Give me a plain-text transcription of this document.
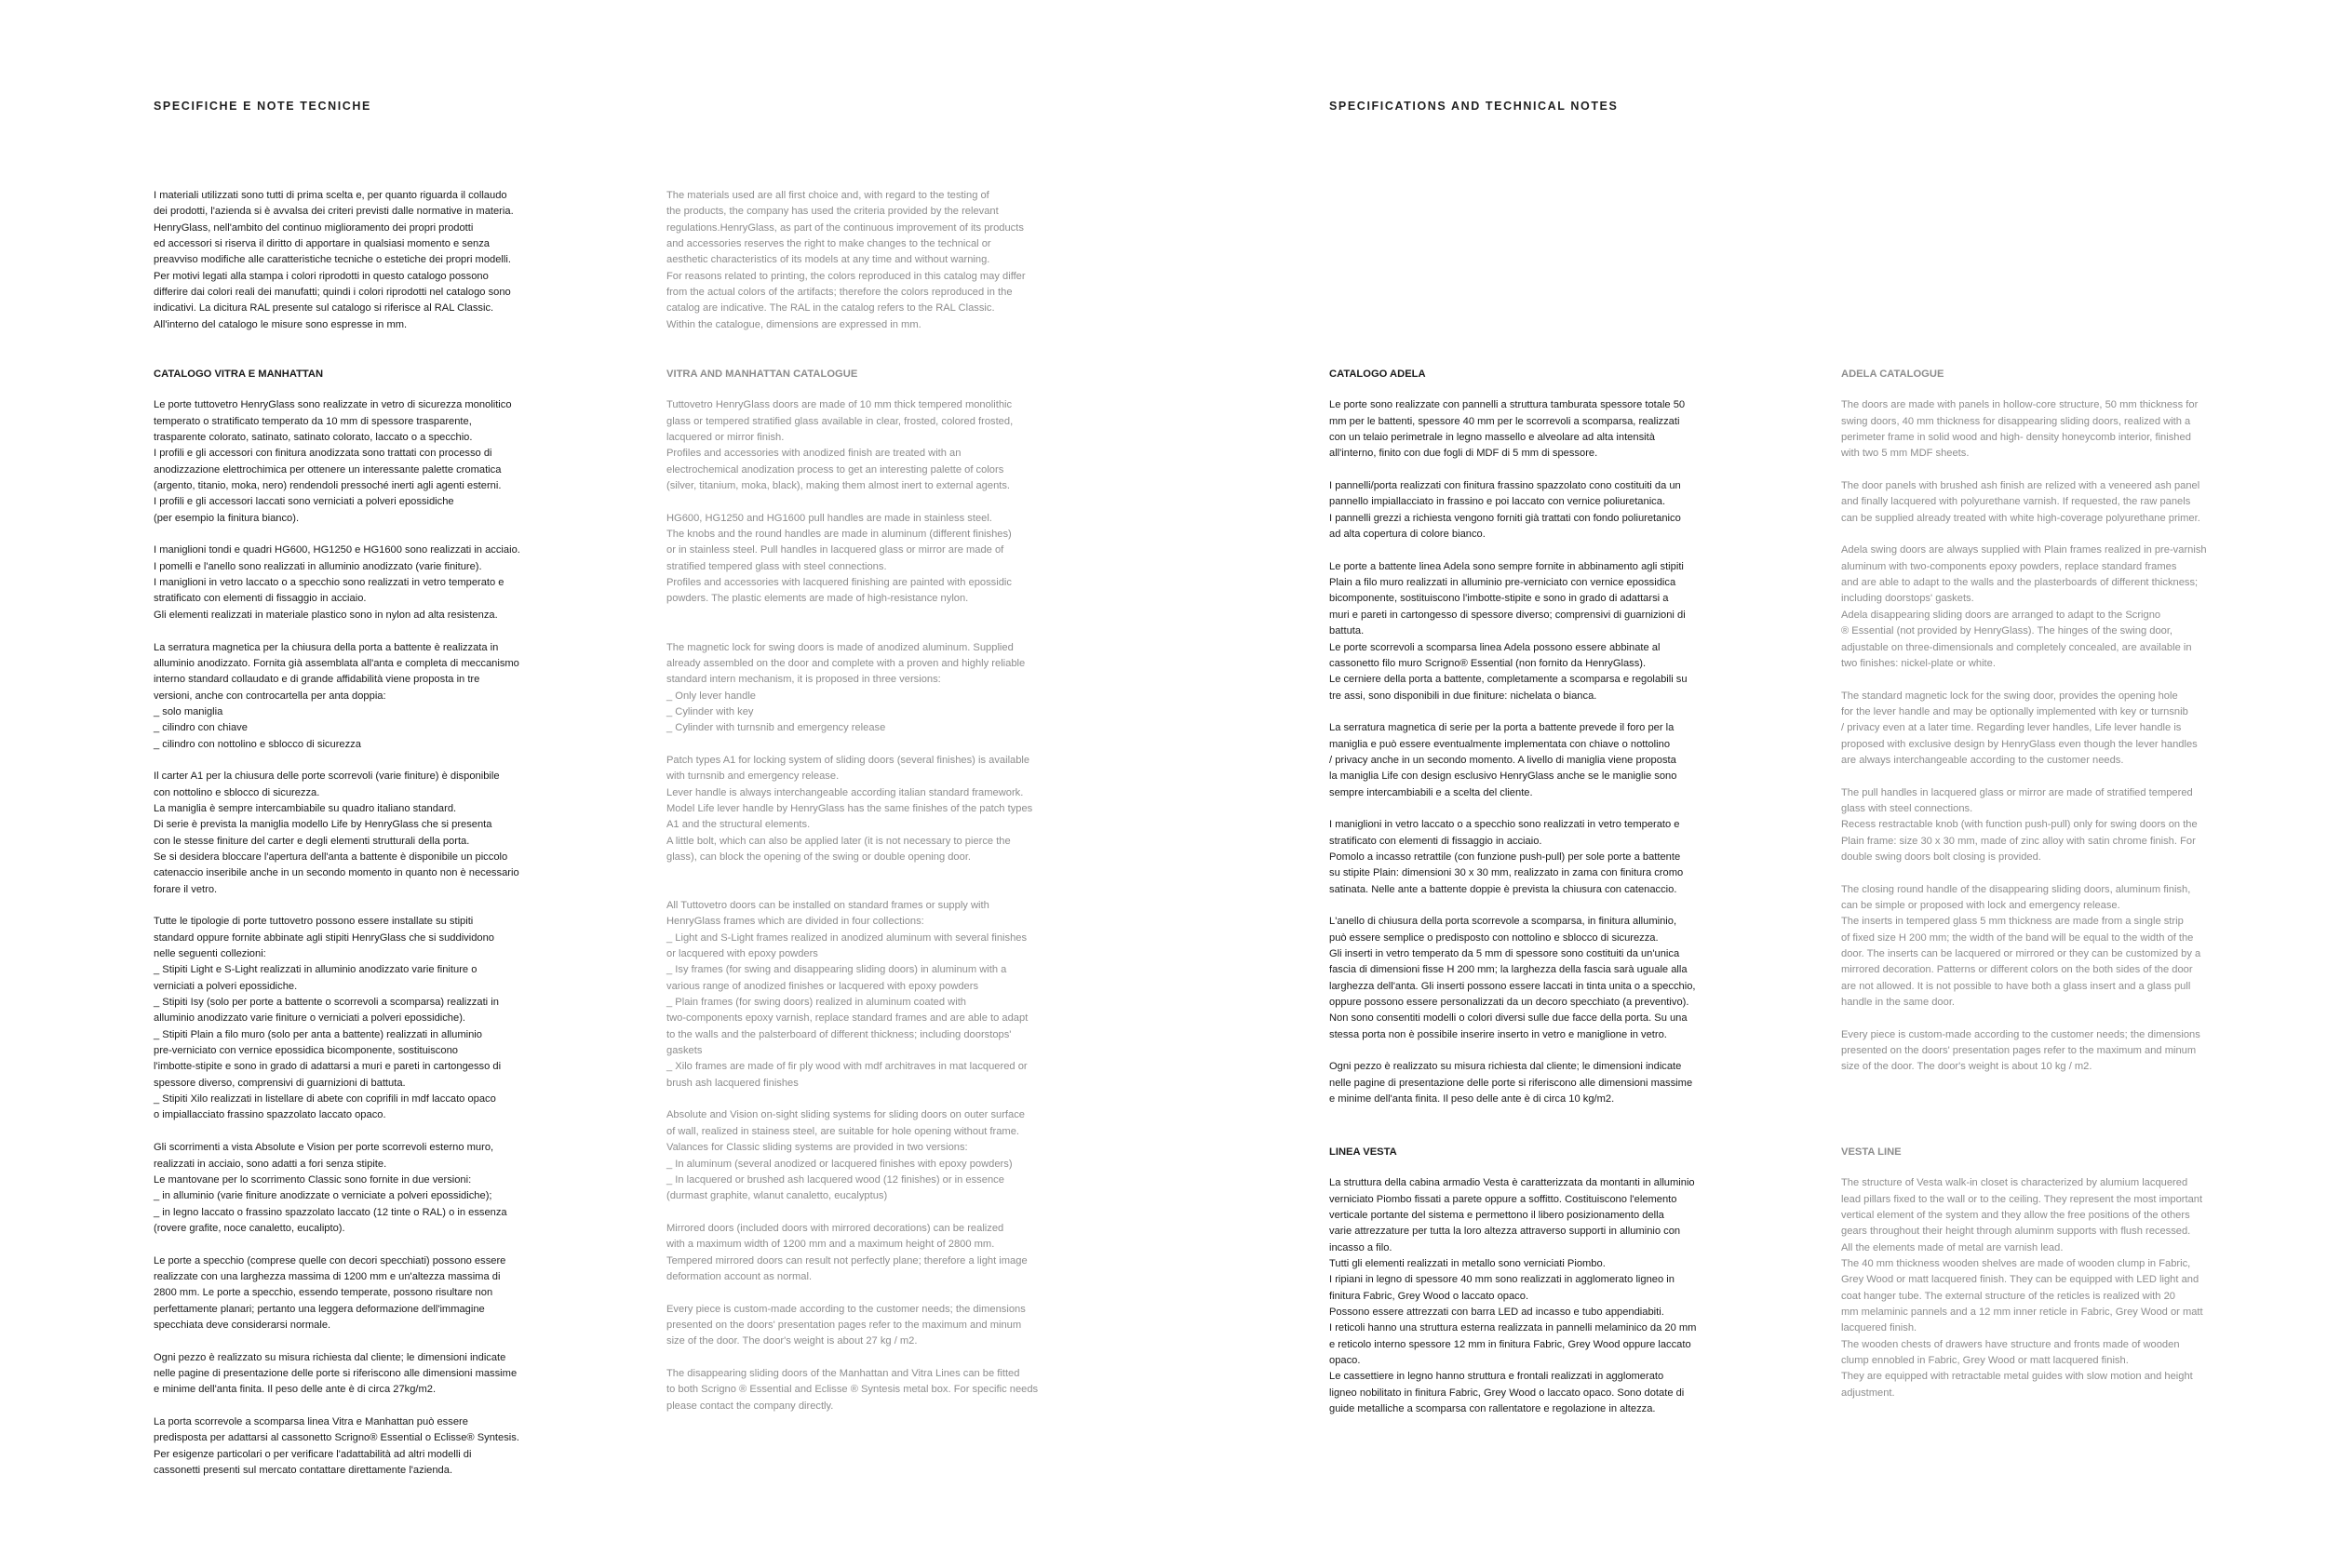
SPECIFICHE E NOTE TECNICHE	SPECIFICATIONS AND TECHNICAL NOTES

I materiali utilizzati sono tutti di prima scelta e, per quanto riguarda il collaudo
dei prodotti, l'azienda si è avvalsa dei criteri previsti dalle normative in materia.
HenryGlass, nell'ambito del continuo miglioramento dei propri prodotti
ed accessori si riserva il diritto di apportare in qualsiasi momento e senza
preavviso modifiche alle caratteristiche tecniche o estetiche dei propri modelli.
Per motivi legati alla stampa i colori riprodotti in questo catalogo possono
differire dai colori reali dei manufatti; quindi i colori riprodotti nel catalogo sono
indicativi. La dicitura RAL presente sul catalogo si riferisce al RAL Classic.
All'interno del catalogo le misure sono espresse in mm.

CATALOGO VITRA E MANHATTAN

Le porte tuttovetro HenryGlass sono realizzate in vetro di sicurezza monolitico
temperato o stratificato temperato da 10 mm di spessore trasparente,
trasparente colorato, satinato, satinato colorato, laccato o a specchio.
I profili e gli accessori con finitura anodizzata sono trattati con processo di
anodizzazione elettrochimica per ottenere un interessante palette cromatica
(argento, titanio, moka, nero) rendendoli pressoché inerti agli agenti esterni.
I profili e gli accessori laccati sono verniciati a polveri epossidiche
(per esempio la finitura bianco).

I maniglioni tondi e quadri HG600, HG1250 e HG1600 sono realizzati in acciaio.
I pomelli e l'anello sono realizzati in alluminio anodizzato (varie finiture).
I maniglioni in vetro laccato o a specchio sono realizzati in vetro temperato e
stratificato con elementi di fissaggio in acciaio.
Gli elementi realizzati in materiale plastico sono in nylon ad alta resistenza.

La serratura magnetica per la chiusura della porta a battente è realizzata in
alluminio anodizzato. Fornita già assemblata all'anta e completa di meccanismo
interno standard collaudato e di grande affidabilità viene proposta in tre
versioni, anche con controcartella per anta doppia:
_ solo maniglia
_ cilindro con chiave
_ cilindro con nottolino e sblocco di sicurezza

Il carter A1 per la chiusura delle porte scorrevoli (varie finiture) è disponibile
con nottolino e sblocco di sicurezza.
La maniglia è sempre intercambiabile su quadro italiano standard.
Di serie è prevista la maniglia modello Life by HenryGlass che si presenta
con le stesse finiture del carter e degli elementi strutturali della porta.
Se si desidera bloccare l'apertura dell'anta a battente è disponibile un piccolo
catenaccio inseribile anche in un secondo momento in quanto non è necessario
forare il vetro.

Tutte le tipologie di porte tuttovetro possono essere installate su stipiti
standard oppure fornite abbinate agli stipiti HenryGlass che si suddividono
nelle seguenti collezioni:
_ Stipiti Light e S-Light realizzati in alluminio anodizzato varie finiture o
verniciati a polveri epossidiche.
_ Stipiti Isy (solo per porte a battente o scorrevoli a scomparsa) realizzati in
alluminio anodizzato varie finiture o verniciati a polveri epossidiche).
_ Stipiti Plain a filo muro (solo per anta a battente) realizzati in alluminio
pre-verniciato con vernice epossidica bicomponente, sostituiscono
l'imbotte-stipite e sono in grado di adattarsi a muri e pareti in cartongesso di
spessore diverso, comprensivi di guarnizioni di battuta.
_ Stipiti Xilo realizzati in listellare di abete con coprifili in mdf laccato opaco
o impiallacciato frassino spazzolato laccato opaco.

Gli scorrimenti a vista Absolute e Vision per porte scorrevoli esterno muro,
realizzati in acciaio, sono adatti a fori senza stipite.
Le mantovane per lo scorrimento Classic sono fornite in due versioni:
_ in alluminio (varie finiture anodizzate o verniciate a polveri epossidiche);
_ in legno laccato o frassino spazzolato laccato (12 tinte o RAL) o in essenza
(rovere grafite, noce canaletto, eucalipto).

Le porte a specchio (comprese quelle con decori specchiati) possono essere
realizzate con una larghezza massima di 1200 mm e un'altezza massima di
2800 mm. Le porte a specchio, essendo temperate, possono risultare non
perfettamente planari; pertanto una leggera deformazione dell'immagine
specchiata deve considerarsi normale.

Ogni pezzo è realizzato su misura richiesta dal cliente; le dimensioni indicate
nelle pagine di presentazione delle porte si riferiscono alle dimensioni massime
e minime dell'anta finita. Il peso delle ante è di circa 27kg/m2.

La porta scorrevole a scomparsa linea Vitra e Manhattan può essere
predisposta per adattarsi al cassonetto Scrigno® Essential o Eclisse® Syntesis.
Per esigenze particolari o per verificare l'adattabilità ad altri modelli di
cassonetti presenti sul mercato contattare direttamente l'azienda.

The materials used are all first choice and, with regard to the testing of
the products, the company has used the criteria provided by the relevant
regulations.HenryGlass, as part of the continuous improvement of its products
and accessories reserves the right to make changes to the technical or
aesthetic characteristics of its models at any time and without warning.
For reasons related to printing, the colors reproduced in this catalog may differ
from the actual colors of the artifacts; therefore the colors reproduced in the
catalog are indicative. The RAL in the catalog refers to the RAL Classic.
Within the catalogue, dimensions are expressed in mm.

VITRA AND MANHATTAN CATALOGUE

Tuttovetro HenryGlass doors are made of 10 mm thick tempered monolithic
glass or tempered stratified glass available in clear, frosted, colored frosted,
lacquered or mirror finish.
Profiles and accessories with anodized finish are treated with an
electrochemical anodization process to get an interesting palette of colors
(silver, titanium, moka, black), making them almost inert to external agents.

HG600, HG1250 and HG1600 pull handles are made in stainless steel.
The knobs and the round handles are made in aluminum (different finishes)
or in stainless steel. Pull handles in lacquered glass or mirror are made of
stratified tempered glass with steel connections.
Profiles and accessories with lacquered finishing are painted with epossidic
powders. The plastic elements are made of high-resistance nylon.

The magnetic lock for swing doors is made of anodized aluminum. Supplied
already assembled on the door and complete with a proven and highly reliable
standard intern mechanism, it is proposed in three versions:
_ Only lever handle
_ Cylinder with key
_ Cylinder with turnsnib and emergency release

Patch types A1 for locking system of sliding doors (several finishes) is available
with turnsnib and emergency release.
Lever handle is always interchangeable according italian standard framework.
Model Life lever handle by HenryGlass has the same finishes of the patch types
A1 and the structural elements.
A little bolt, which can also be applied later (it is not necessary to pierce the
glass), can block the opening of the swing or double opening door.

All Tuttovetro doors can be installed on standard frames or supply with
HenryGlass frames which are divided in four collections:
_ Light and S-Light frames realized in anodized aluminum with several finishes
or lacquered with epoxy powders
_ Isy frames (for swing and disappearing sliding doors) in aluminum with a
various range of anodized finishes or lacquered with epoxy powders
_ Plain frames (for swing doors) realized in aluminum coated with
two-components epoxy varnish, replace standard frames and are able to adapt
to the walls and the palsterboard of different thickness; including doorstops'
gaskets
_ Xilo frames are made of fir ply wood with mdf architraves in mat lacquered or
brush ash lacquered finishes

Absolute and Vision on-sight sliding systems for sliding doors on outer surface
of wall, realized in stainess steel, are suitable for hole opening without frame.
Valances for Classic sliding systems are provided in two versions:
_ In aluminum (several anodized or lacquered finishes with epoxy powders)
_ In lacquered or brushed ash lacquered wood (12 finishes) or in essence
(durmast graphite, wlanut canaletto, eucalyptus)

Mirrored doors (included doors with mirrored decorations) can be realized
with a maximum width of 1200 mm and a maximum height of 2800 mm.
Tempered mirrored doors can result not perfectly plane; therefore a light image
deformation account as normal.

Every piece is custom-made according to the customer needs; the dimensions
presented on the doors' presentation pages refer to the maximum and minum
size of the door. The door's weight is about 27 kg / m2.

The disappearing sliding doors of the Manhattan and Vitra Lines can be fitted
to both Scrigno ® Essential and Eclisse ® Syntesis metal box. For specific needs
please contact the company directly.

CATALOGO ADELA

Le porte sono realizzate con pannelli a struttura tamburata spessore totale 50
mm per le battenti, spessore 40 mm per le scorrevoli a scomparsa, realizzati
con un telaio perimetrale in legno massello e alveolare ad alta intensità
all'interno, finito con due fogli di MDF di 5 mm di spessore.

I pannelli/porta realizzati con finitura frassino spazzolato cono costituiti da un
pannello impiallacciato in frassino e poi laccato con vernice poliuretanica.
I pannelli grezzi a richiesta vengono forniti già trattati con fondo poliuretanico
ad alta copertura di colore bianco.

Le porte a battente linea Adela sono sempre fornite in abbinamento agli stipiti
Plain a filo muro realizzati in alluminio pre-verniciato con vernice epossidica
bicomponente, sostituiscono l'imbotte-stipite e sono in grado di adattarsi a
muri e pareti in cartongesso di spessore diverso; comprensivi di guarnizioni di
battuta.
Le porte scorrevoli a scomparsa linea Adela possono essere abbinate al
cassonetto filo muro Scrigno® Essential (non fornito da HenryGlass).
Le cerniere della porta a battente, completamente a scomparsa e regolabili su
tre assi, sono disponibili in due finiture: nichelata o bianca.

La serratura magnetica di serie per la porta a battente prevede il foro per la
maniglia e può essere eventualmente implementata con chiave o nottolino
/ privacy anche in un secondo momento. A livello di maniglia viene proposta
la maniglia Life con design esclusivo HenryGlass anche se le maniglie sono
sempre intercambiabili e a scelta del cliente.

I maniglioni in vetro laccato o a specchio sono realizzati in vetro temperato e
stratificato con elementi di fissaggio in acciaio.
Pomolo a incasso retrattile (con funzione push-pull) per sole porte a battente
su stipite Plain: dimensioni 30 x 30 mm, realizzato in zama con finitura cromo
satinata. Nelle ante a battente doppie è prevista la chiusura con catenaccio.

L'anello di chiusura della porta scorrevole a scomparsa, in finitura alluminio,
può essere semplice o predisposto con nottolino e sblocco di sicurezza.
Gli inserti in vetro temperato da 5 mm di spessore sono costituiti da un'unica
fascia di dimensioni fisse H 200 mm; la larghezza della fascia sarà uguale alla
larghezza dell'anta. Gli inserti possono essere laccati in tinta unita o a specchio,
oppure possono essere personalizzati da un decoro specchiato (a preventivo).
Non sono consentiti modelli o colori diversi sulle due facce della porta. Su una
stessa porta non è possibile inserire inserto in vetro e maniglione in vetro.

Ogni pezzo è realizzato su misura richiesta dal cliente; le dimensioni indicate
nelle pagine di presentazione delle porte si riferiscono alle dimensioni massime
e minime dell'anta finita. Il peso delle ante è di circa 10 kg/m2.

LINEA VESTA

La struttura della cabina armadio Vesta è caratterizzata da montanti in alluminio
verniciato Piombo fissati a parete oppure a soffitto. Costituiscono l'elemento
verticale portante del sistema e permettono il libero posizionamento della
varie attrezzature per tutta la loro altezza attraverso supporti in alluminio con
incasso a filo.
Tutti gli elementi realizzati in metallo sono verniciati Piombo.
I ripiani in legno di spessore 40 mm sono realizzati in agglomerato ligneo in
finitura Fabric, Grey Wood o laccato opaco.
Possono essere attrezzati con barra LED ad incasso e tubo appendiabiti.
I reticoli hanno una struttura esterna realizzata in pannelli melaminico da 20 mm
e reticolo interno spessore 12 mm in finitura Fabric, Grey Wood oppure laccato
opaco.
Le cassettiere in legno hanno struttura e frontali realizzati in agglomerato
ligneo nobilitato in finitura Fabric, Grey Wood o laccato opaco. Sono dotate di
guide metalliche a scomparsa con rallentatore e regolazione in altezza.

ADELA CATALOGUE

The doors are made with panels in hollow-core structure, 50 mm thickness for
swing doors, 40 mm thickness for disappearing sliding doors, realized with a
perimeter frame in solid wood and high- density honeycomb interior, finished
with two 5 mm MDF sheets.

The door panels with brushed ash finish are relized with a veneered ash panel
and finally lacquered with polyurethane varnish. If requested, the raw panels
can be supplied already treated with white high-coverage polyurethane primer.

Adela swing doors are always supplied with Plain frames realized in pre-varnish
aluminum with two-components epoxy powders, replace standard frames
and are able to adapt to the walls and the plasterboards of different thickness;
including doorstops' gaskets.
Adela disappearing sliding doors are arranged to adapt to the Scrigno
® Essential (not provided by HenryGlass). The hinges of the swing door,
adjustable on three-dimensionals and completely concealed, are available in
two finishes: nickel-plate or white.

The standard magnetic lock for the swing door, provides the opening hole
for the lever handle and may be optionally implemented with key or turnsnib
/ privacy even at a later time. Regarding lever handles, Life lever handle is
proposed with exclusive design by HenryGlass even though the lever handles
are always interchangeable according to the customer needs.

The pull handles in lacquered glass or mirror are made of stratified tempered
glass with steel connections.
Recess restractable knob (with function push-pull) only for swing doors on the
Plain frame: size 30 x 30 mm, made of zinc alloy with satin chrome finish. For
double swing doors bolt closing is provided.

The closing round handle of the disappearing sliding doors, aluminum finish,
can be simple or proposed with lock and emergency release.
The inserts in tempered glass 5 mm thickness are made from a single strip
of fixed size H 200 mm; the width of the band will be equal to the width of the
door. The inserts can be lacquered or mirrored or they can be customized by a
mirrored decoration. Patterns or different colors on the both sides of the door
are not allowed. It is not possible to have both a glass insert and a glass pull
handle in the same door.

Every piece is custom-made according to the customer needs; the dimensions
presented on the doors' presentation pages refer to the maximum and minum
size of the door. The door's weight is about 10 kg / m2.

VESTA LINE

The structure of Vesta walk-in closet is characterized by alumium lacquered
lead pillars fixed to the wall or to the ceiling. They represent the most important
vertical element of the system and they allow the free positions of the others
gears throughout their height through aluminm supports with flush recessed.
All the elements made of metal are varnish lead.
The 40 mm thickness wooden shelves are made of wooden clump in Fabric,
Grey Wood or matt lacquered finish. They can be equipped with LED light and
coat hanger tube. The external structure of the reticles is realized with 20
mm melaminic pannels and a 12 mm inner reticle in Fabric, Grey Wood or matt
lacquered finish.
The wooden chests of drawers have structure and fronts made of wooden
clump ennobled in Fabric, Grey Wood or matt lacquered finish.
They are equipped with retractable metal guides with slow motion and height
adjustment.
